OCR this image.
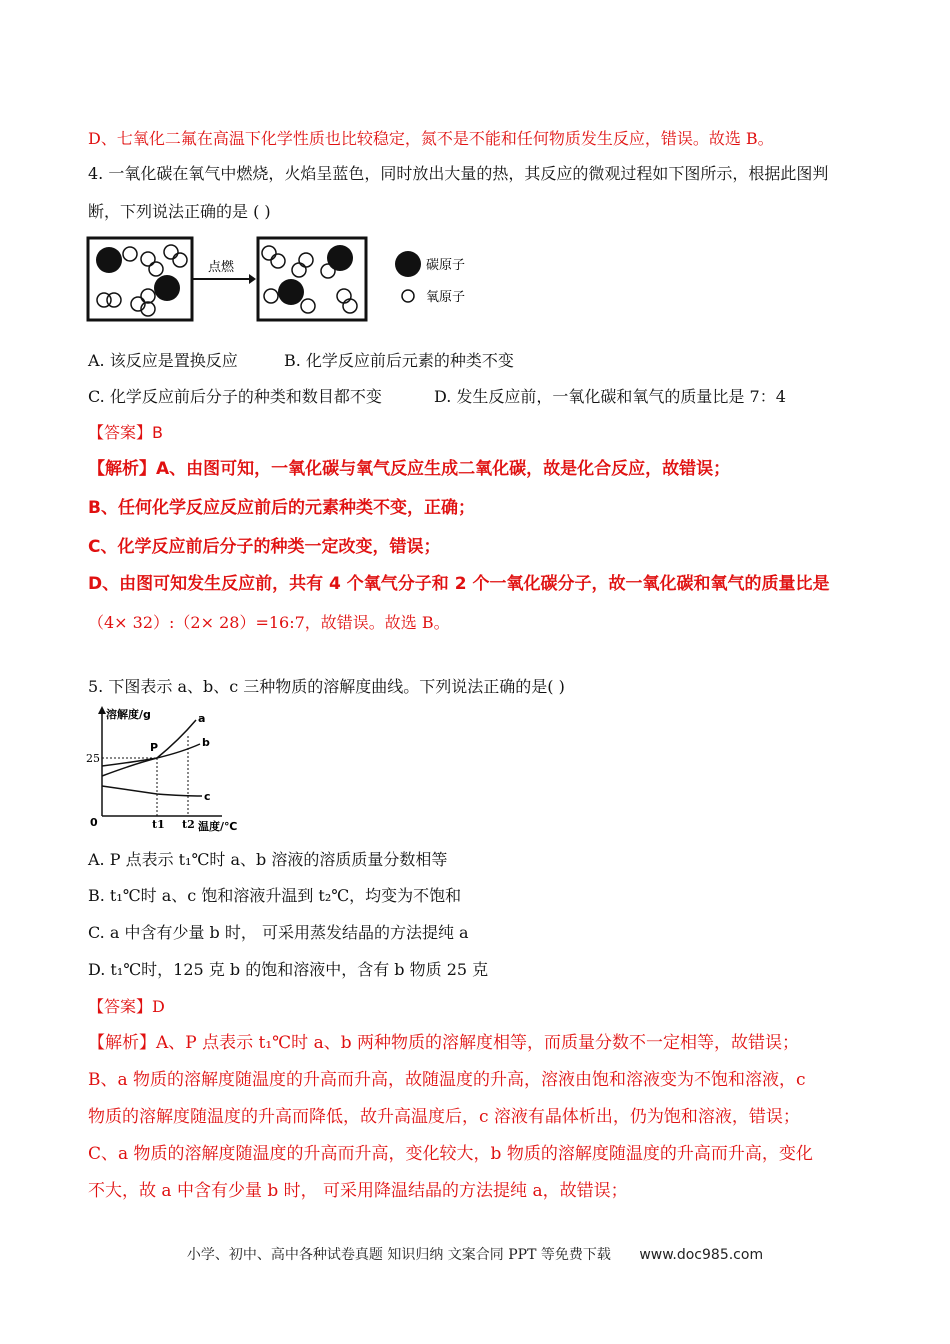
D、七氧化二氟在高温下化学性质也比较稳定，氮不是不能和任何物质发生反应，错误。故选 B。
4. 一氧化碳在氧气中燃烧，火焰呈蓝色，同时放出大量的热，其反应的微观过程如下图所示，根据此图判
断，下列说法正确的是 ( )
点燃	碳原子
氧原子
A. 该反应是置换反应	B. 化学反应前后元素的种类不变
C. 化学反应前后分子的种类和数目都不变	D. 发生反应前，一氧化碳和氧气的质量比是 7：4
【答案】B
【解析】A、由图可知，一氧化碳与氧气反应生成二氧化碳，故是化合反应，故错误；
B、任何化学反应反应前后的元素种类不变，正确；
C、化学反应前后分子的种类一定改变，错误；
D、由图可知发生反应前，共有 4 个氧气分子和 2 个一氧化碳分子，故一氧化碳和氧气的质量比是
（4× 32）:（2× 28）=16:7，故错误。故选 B。
5. 下图表示 a、b、c 三种物质的溶解度曲线。下列说法正确的是( )
溶解度/g
25
0
a
b
c
P
t1 t2 温度/℃
A. P 点表示 t₁℃时 a、b 溶液的溶质质量分数相等
B. t₁℃时 a、c 饱和溶液升温到 t₂℃，均变为不饱和
C. a 中含有少量 b 时， 可采用蒸发结晶的方法提纯 a
D. t₁℃时，125 克 b 的饱和溶液中，含有 b 物质 25 克
【答案】D
【解析】A、P 点表示 t₁℃时 a、b 两种物质的溶解度相等，而质量分数不一定相等，故错误；
B、a 物质的溶解度随温度的升高而升高，故随温度的升高，溶液由饱和溶液变为不饱和溶液，c
物质的溶解度随温度的升高而降低，故升高温度后，c 溶液有晶体析出，仍为饱和溶液，错误；
C、a 物质的溶解度随温度的升高而升高，变化较大，b 物质的溶解度随温度的升高而升高，变化
不大，故 a 中含有少量 b 时， 可采用降温结晶的方法提纯 a，故错误；
小学、初中、高中各种试卷真题 知识归纳 文案合同 PPT 等免费下载 www.doc985.com
